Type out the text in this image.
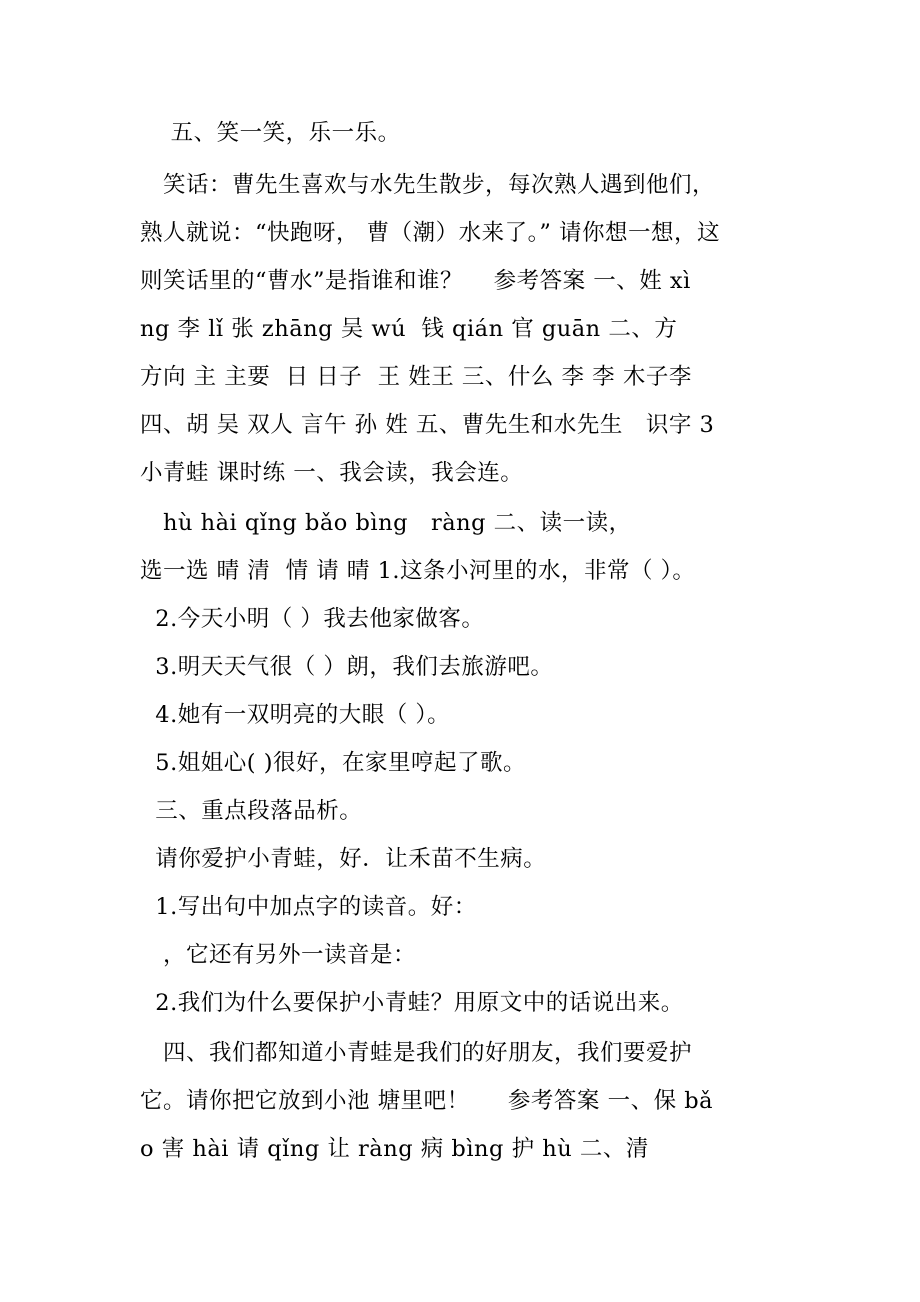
五、笑一笑，乐一乐。
笑话：曹先生喜欢与水先生散步，每次熟人遇到他们，
熟人就说：“快跑呀， 曹（潮）水来了。” 请你想一想，这
则笑话里的“曹水”是指谁和谁？    参考答案 一、姓 xì
ng 李 lǐ 张 zhāng 吴 wú  钱 qián 官 guān 二、方
方向 主 主要  日 日子  王 姓王 三、什么 李 李 木子李
四、胡 吴 双人 言午 孙 姓 五、曹先生和水先生   识字 3
小青蛙 课时练 一、我会读，我会连。
hù hài qǐng bǎo bìng   ràng 二、读一读，
选一选 晴 清  情 请 晴 1.这条小河里的水，非常（ ）。
2.今天小明（ ）我去他家做客。
3.明天天气很（ ）朗，我们去旅游吧。
4.她有一双明亮的大眼（ ）。
5.姐姐心( )很好，在家里哼起了歌。
三、重点段落品析。
请你爱护小青蛙，好．让禾苗不生病。
1.写出句中加点字的读音。好：
，它还有另外一读音是：
2.我们为什么要保护小青蛙？用原文中的话说出来。
四、我们都知道小青蛙是我们的好朋友，我们要爱护
它。请你把它放到小池 塘里吧！     参考答案 一、保 bǎ
o 害 hài 请 qǐng 让 ràng 病 bìng 护 hù 二、清
